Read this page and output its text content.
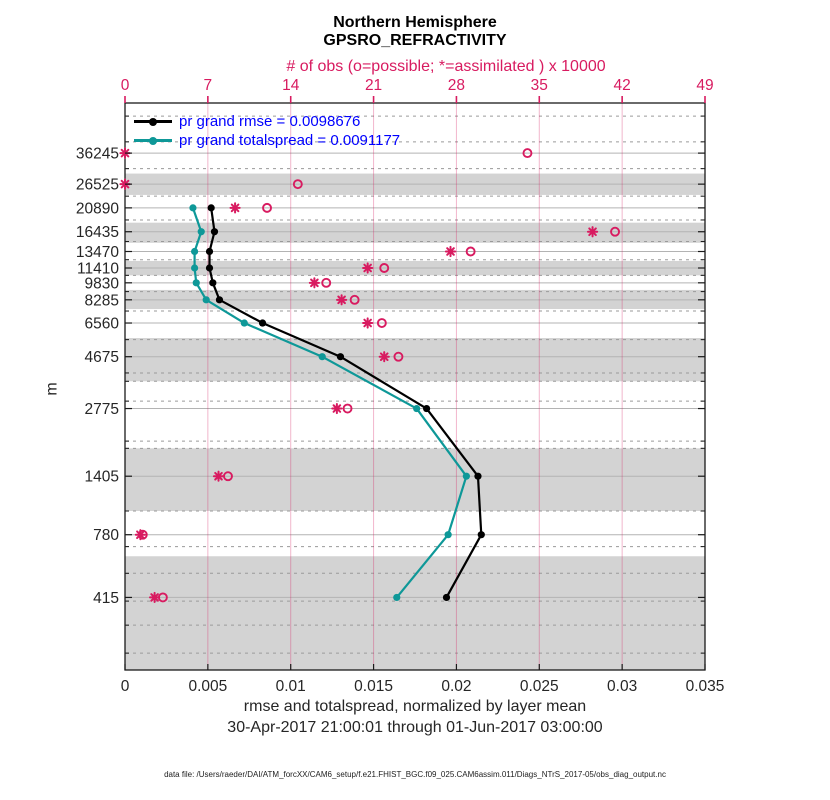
0	0.005	0.01	0.015	0.02	0.025	0.03	0.035
0	7	14	21	28	35	42	49
36245
26525
20890
16435
13470
11410
9830
8285
6560
4675
2775
1405
780
415
Northern Hemisphere
GPSRO_REFRACTIVITY
# of obs (o=possible; *=assimilated ) x 10000
pr grand rmse = 0.0098676
pr grand totalspread = 0.0091177
m
rmse and totalspread, normalized by layer mean
30-Apr-2017 21:00:01 through 01-Jun-2017 03:00:00
data file: /Users/raeder/DAI/ATM_forcXX/CAM6_setup/f.e21.FHIST_BGC.f09_025.CAM6assim.011/Diags_NTrS_2017-05/obs_diag_output.nc
